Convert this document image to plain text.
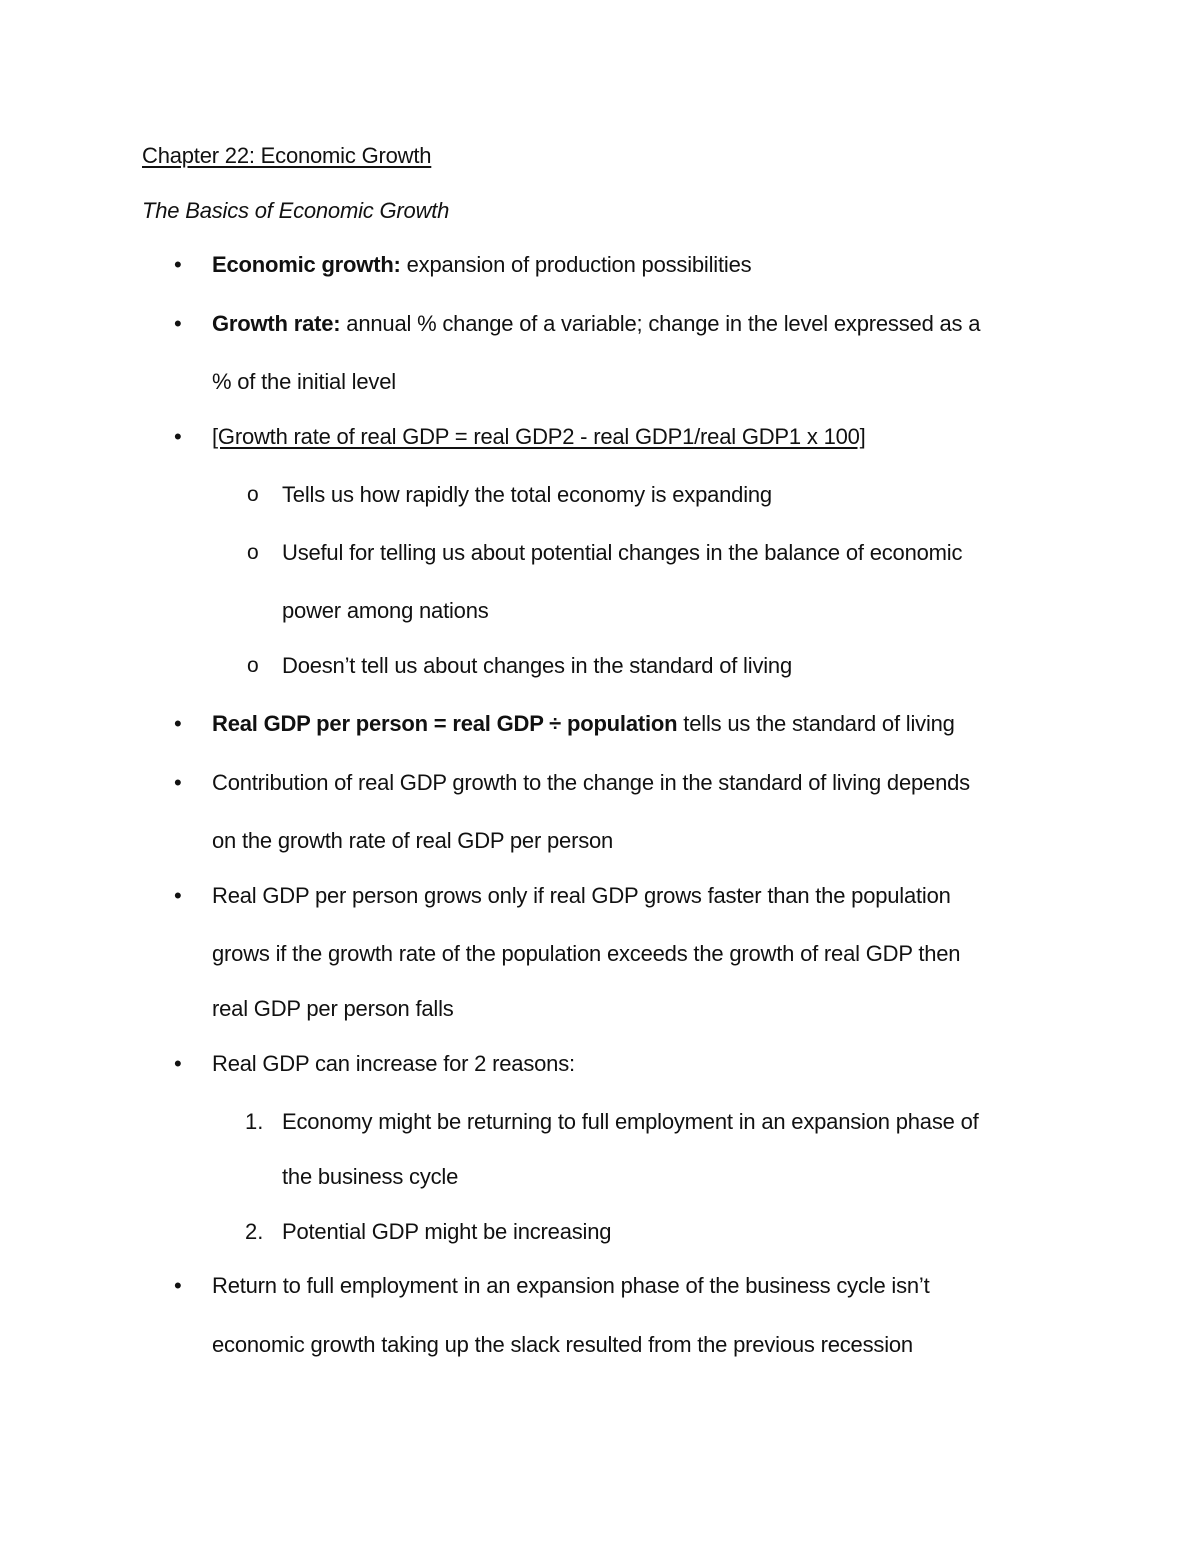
Chapter 22: Economic Growth
The Basics of Economic Growth
• Economic growth: expansion of production possibilities
• Growth rate: annual % change of a variable; change in the level expressed as a
% of the initial level
• [Growth rate of real GDP = real GDP2 - real GDP1/real GDP1 x 100]
o Tells us how rapidly the total economy is expanding
o Useful for telling us about potential changes in the balance of economic
power among nations
o Doesn’t tell us about changes in the standard of living
• Real GDP per person = real GDP ÷ population tells us the standard of living
• Contribution of real GDP growth to the change in the standard of living depends
on the growth rate of real GDP per person
• Real GDP per person grows only if real GDP grows faster than the population
grows if the growth rate of the population exceeds the growth of real GDP then
real GDP per person falls
• Real GDP can increase for 2 reasons:
1. Economy might be returning to full employment in an expansion phase of
the business cycle
2. Potential GDP might be increasing
• Return to full employment in an expansion phase of the business cycle isn’t
economic growth taking up the slack resulted from the previous recession
